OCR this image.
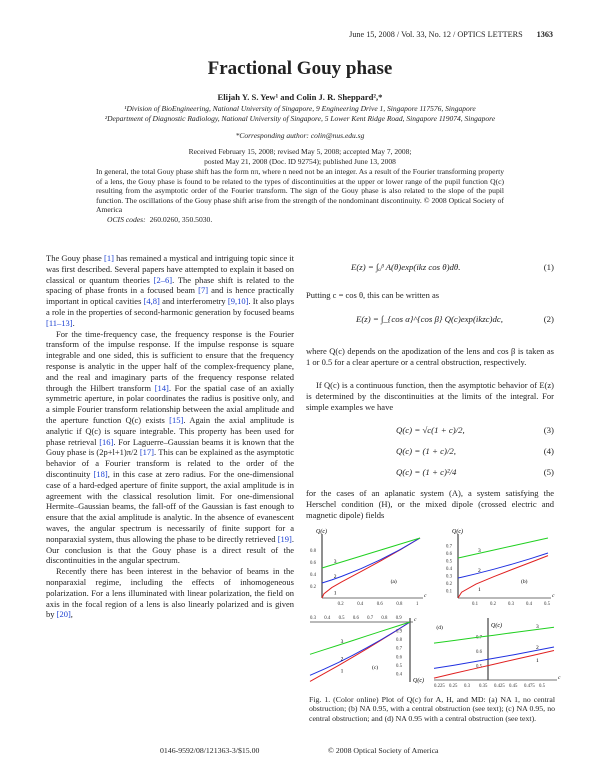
June 15, 2008 / Vol. 33, No. 12 / OPTICS LETTERS 1363
Fractional Gouy phase
Elijah Y. S. Yew¹ and Colin J. R. Sheppard²,*
¹Division of BioEngineering, National University of Singapore, 9 Engineering Drive 1, Singapore 117576, Singapore
²Department of Diagnostic Radiology, National University of Singapore, 5 Lower Kent Ridge Road, Singapore 119074, Singapore
*Corresponding author: colin@nus.edu.sg
Received February 15, 2008; revised May 5, 2008; accepted May 7, 2008;
posted May 21, 2008 (Doc. ID 92754); published June 13, 2008
In general, the total Gouy phase shift has the form nπ, where n need not be an integer. As a result of the Fourier transforming property of a lens, the Gouy phase is found to be related to the types of discontinuities at the upper or lower range of the pupil function Q(c) resulting from the asymptotic order of the Fourier transform. The sign of the Gouy phase is also related to the slope of the pupil function. The oscillations of the Gouy phase shift arise from the strength of the nondominant discontinuity. © 2008 Optical Society of America
OCIS codes: 260.0260, 350.5030.

The Gouy phase [1] has remained a mystical and intriguing topic since it was first described. Several papers have attempted to explain it based on classical or quantum theories [2–6]. The phase shift is related to the spacing of phase fronts in a focused beam [7] and is hence practically important in optical cavities [4,8] and interferometry [9,10]. It also plays a role in the properties of second-harmonic generation by focused beams [11–13].

For the time-frequency case, the frequency response is the Fourier transform of the impulse response. If the impulse response is square integrable and one sided, this is sufficient to ensure that the frequency response is analytic in the upper half of the complex-frequency plane, and the real and imaginary parts of the frequency response related through the Hilbert transform [14]. For the spatial case of an axially symmetric aperture, in polar coordinates the radius is positive only, and a simple Fourier transform relationship between the axial amplitude and the aperture function Q(c) exists [15]. Again the axial amplitude is analytic if Q(c) is square integrable. This property has been used for phase retrieval [16]. For Laguerre–Gaussian beams it is known that the Gouy phase is (2p+l+1)π/2 [17]. This can be explained as the asymptotic behavior of a Fourier transform is related to the order of the discontinuity [18], in this case at zero radius. For the one-dimensional case of a hard-edged aperture of finite support, the axial amplitude is in agreement with the classical resolution limit. For one-dimensional Hermite–Gaussian beams, the fall-off of the Gaussian is fast enough to ensure that the axial amplitude is analytic. In the absence of evanescent waves, the angular spectrum is necessarily of finite support for a nonparaxial system, thus allowing the phase to be directly retrieved [19]. Our conclusion is that the Gouy phase is a direct result of the discontinuities in the angular spectrum.

Recently there has been interest in the behavior of beams in the nonparaxial regime, including the effects of inhomogeneous polarization. For a lens illuminated with linear polarization, the field on axis in the focal region of a lens is also linearly polarized and is given by [20],

E(z) = ∫ₐᵝ A(θ)exp(ikz cos θ)dθ.	(1)

Putting c = cos θ, this can be written as

E(z) = ∫_{cos α}^{cos β} Q(c)exp(ikzc)dc,	(2)

where Q(c) depends on the apodization of the lens and cos β is taken as 1 or 0.5 for a clear aperture or a central obstruction, respectively.

If Q(c) is a continuous function, then the asymptotic behavior of E(z) is determined by the discontinuities at the limits of the integral. For simple examples we have

Q(c) = √c(1 + c)/2,	(3)
Q(c) = (1 + c)/2,	(4)
Q(c) = (1 + c)²/4	(5)

for the cases of an aplanatic system (A), a system satisfying the Herschel condition (H), or the mixed dipole (crossed electric and magnetic dipole) fields

Q(c)
c
0.2	0.4	0.6	0.8	1
0.2
0.4
0.6
0.8
1
2
3
(a)
Q(c)
c
0.1	0.2	0.3	0.4	0.5
0.1
0.2
0.3
0.4
0.5
0.6
0.7
1
2
3
(b)
Q(c)
c
0.3 0.4 0.5 0.6 0.7 0.8 0.9
0.4
0.5
0.6
0.7
0.8
0.9
1
2
3
(c)
Q(c)
c
0.225 0.25 0.3 0.35 0.425 0.45 0.475 0.5
0.5
0.6
0.7
1
2
3
(d)
Fig. 1. (Color online) Plot of Q(c) for A, H, and MD: (a) NA 1, no central obstruction; (b) NA 0.95, with a central obstruction (see text); (c) NA 0.95, no central obstruction; and (d) NA 0.95 with a central obstruction (see text).
0146-9592/08/121363-3/$15.00	© 2008 Optical Society of America
